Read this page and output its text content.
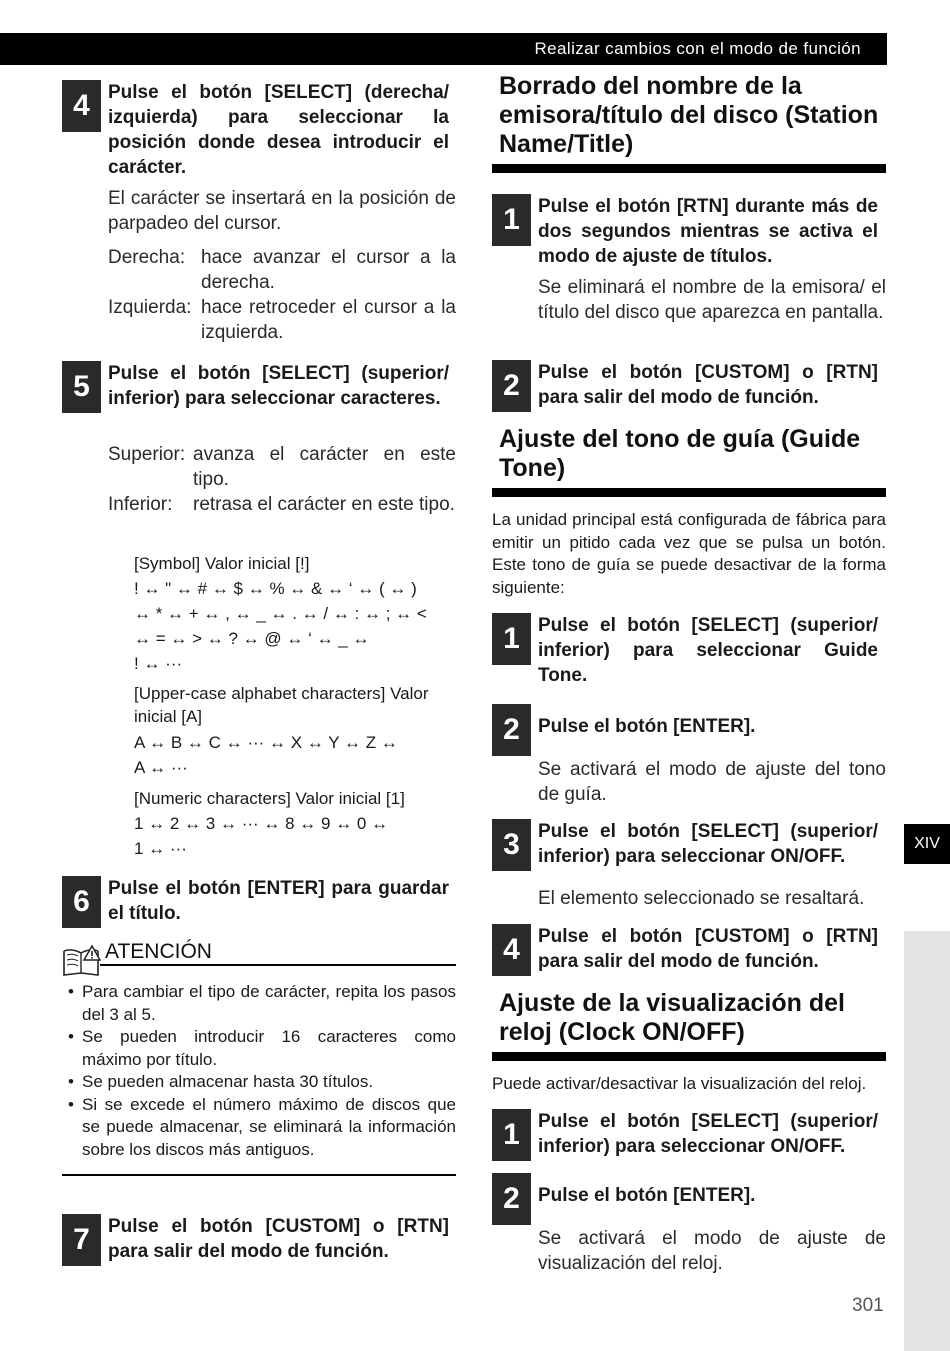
Realizar cambios con el modo de función
XIV
4 Pulse el botón [SELECT] (derecha/ izquierda) para seleccionar la posición donde desea introducir el carácter.
El carácter se insertará en la posición de parpadeo del cursor.
Derecha: hace avanzar el cursor a la derecha.
Izquierda: hace retroceder el cursor a la izquierda.
5 Pulse el botón [SELECT] (superior/ inferior) para seleccionar caracteres.
Superior: avanza el carácter en este tipo.
Inferior:	retrasa el carácter en este tipo.
[Symbol] Valor inicial [!]
! ↔ " ↔ # ↔ $ ↔ % ↔ & ↔ ‘ ↔ ( ↔ )
↔ * ↔ + ↔ , ↔ _ ↔ . ↔ / ↔ : ↔ ; ↔ <
↔ = ↔ > ↔ ? ↔ @ ↔ ‘ ↔ _ ↔
! ↔ ···
[Upper-case alphabet characters] Valor inicial [A]
A ↔ B ↔ C ↔ ··· ↔ X ↔ Y ↔ Z ↔
A ↔ ···
[Numeric characters] Valor inicial [1]
1 ↔ 2 ↔ 3 ↔ ··· ↔ 8 ↔ 9 ↔ 0 ↔
1 ↔ ···
6 Pulse el botón [ENTER] para guardar el título.
ATENCIÓN
• Para cambiar el tipo de carácter, repita los pasos del 3 al 5.
• Se pueden introducir 16 caracteres como máximo por título.
• Se pueden almacenar hasta 30 títulos.
• Si se excede el número máximo de discos que se puede almacenar, se eliminará la información sobre los discos más antiguos.
7 Pulse el botón [CUSTOM] o [RTN] para salir del modo de función.
Borrado del nombre de la emisora/título del disco (Station Name/Title)
1 Pulse el botón [RTN] durante más de dos segundos mientras se activa el modo de ajuste de títulos.
Se eliminará el nombre de la emisora/ el título del disco que aparezca en pantalla.
2 Pulse el botón [CUSTOM] o [RTN] para salir del modo de función.
Ajuste del tono de guía (Guide Tone)
La unidad principal está configurada de fábrica para emitir un pitido cada vez que se pulsa un botón. Este tono de guía se puede desactivar de la forma siguiente:
1 Pulse el botón [SELECT] (superior/ inferior) para seleccionar Guide Tone.
2 Pulse el botón [ENTER].
Se activará el modo de ajuste del tono de guía.
3 Pulse el botón [SELECT] (superior/ inferior) para seleccionar ON/OFF.
El elemento seleccionado se resaltará.
4 Pulse el botón [CUSTOM] o [RTN] para salir del modo de función.
Ajuste de la visualización del reloj (Clock ON/OFF)
Puede activar/desactivar la visualización del reloj.
1 Pulse el botón [SELECT] (superior/ inferior) para seleccionar ON/OFF.
2 Pulse el botón [ENTER].
Se activará el modo de ajuste de visualización del reloj.
301
